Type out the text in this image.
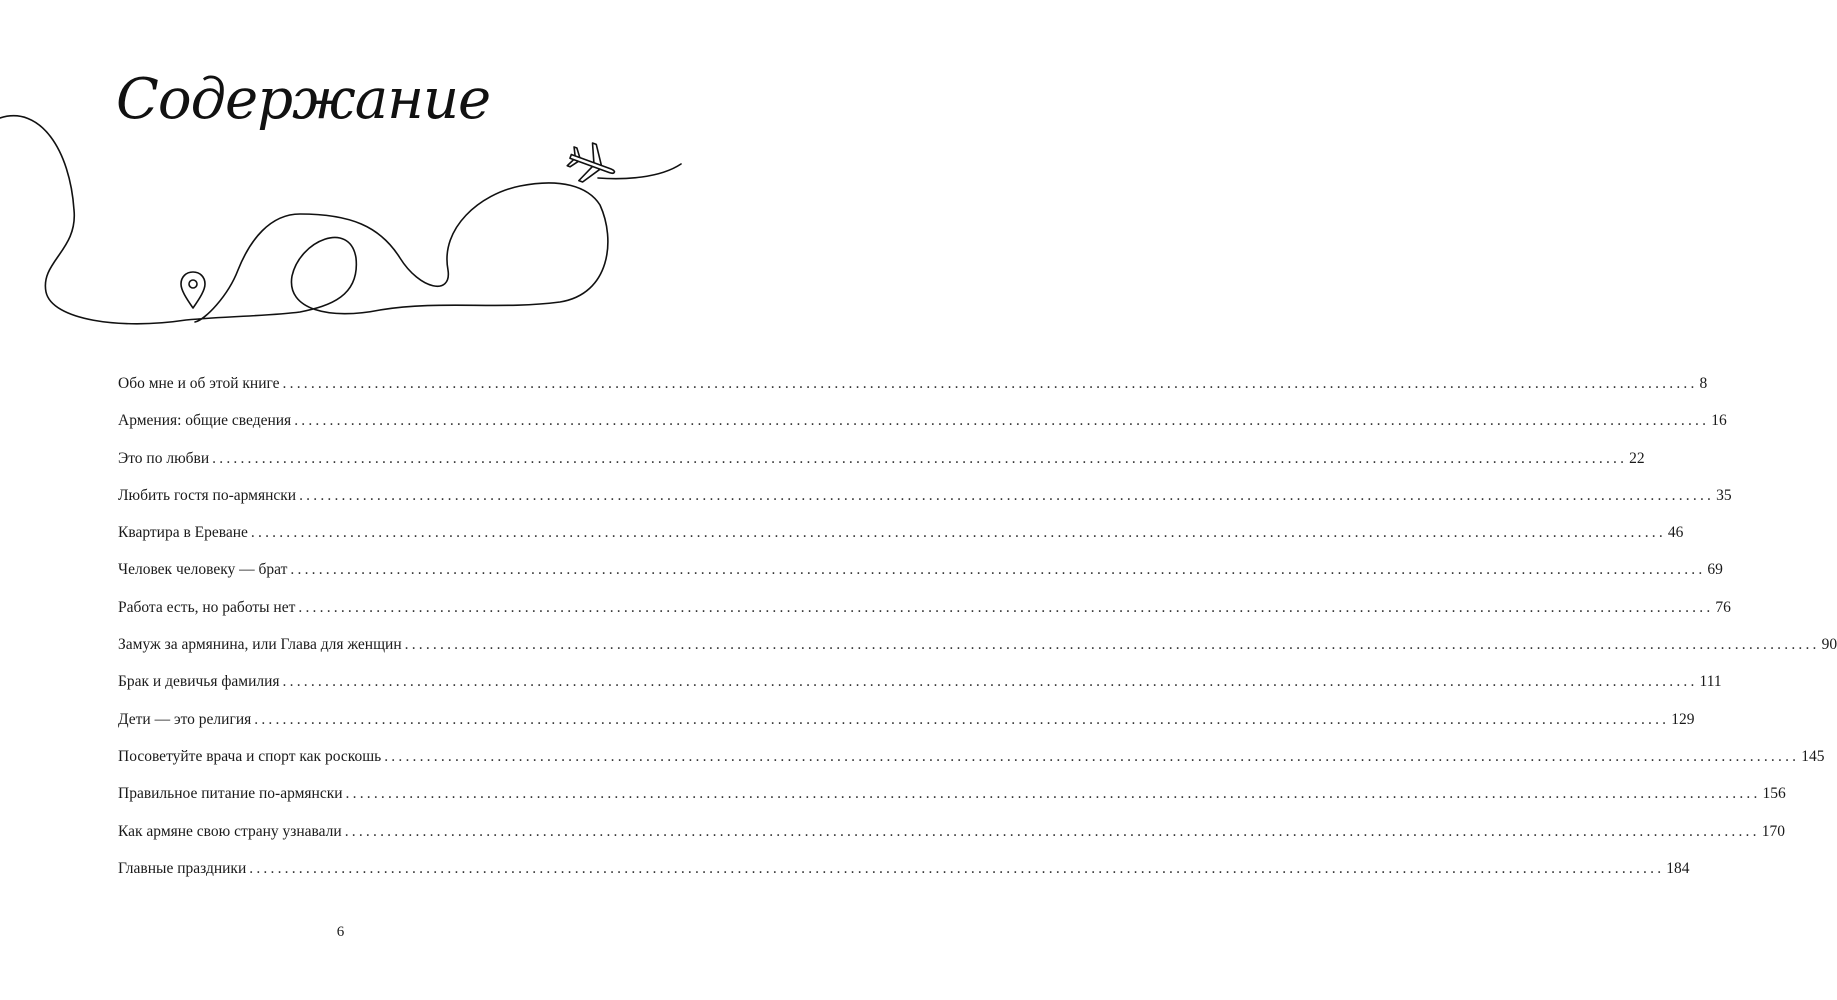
Содержание
Обо мне и об этой книге ........................................................................................................................................................................................................ 8
Армения: общие сведения ........................................................................................................................................................................................................ 16
Это по любви ........................................................................................................................................................................................................ 22
Любить гостя по-армянски ........................................................................................................................................................................................................ 35
Квартира в Ереване ........................................................................................................................................................................................................ 46
Человек человеку — брат ........................................................................................................................................................................................................ 69
Работа есть, но работы нет ........................................................................................................................................................................................................ 76
Замуж за армянина, или Глава для женщин ........................................................................................................................................................................................................ 90
Брак и девичья фамилия ........................................................................................................................................................................................................ 111
Дети — это религия ........................................................................................................................................................................................................ 129
Посоветуйте врача и спорт как роскошь ........................................................................................................................................................................................................ 145
Правильное питание по-армянски ........................................................................................................................................................................................................ 156
Как армяне свою страну узнавали ........................................................................................................................................................................................................ 170
Главные праздники ........................................................................................................................................................................................................ 184
6
